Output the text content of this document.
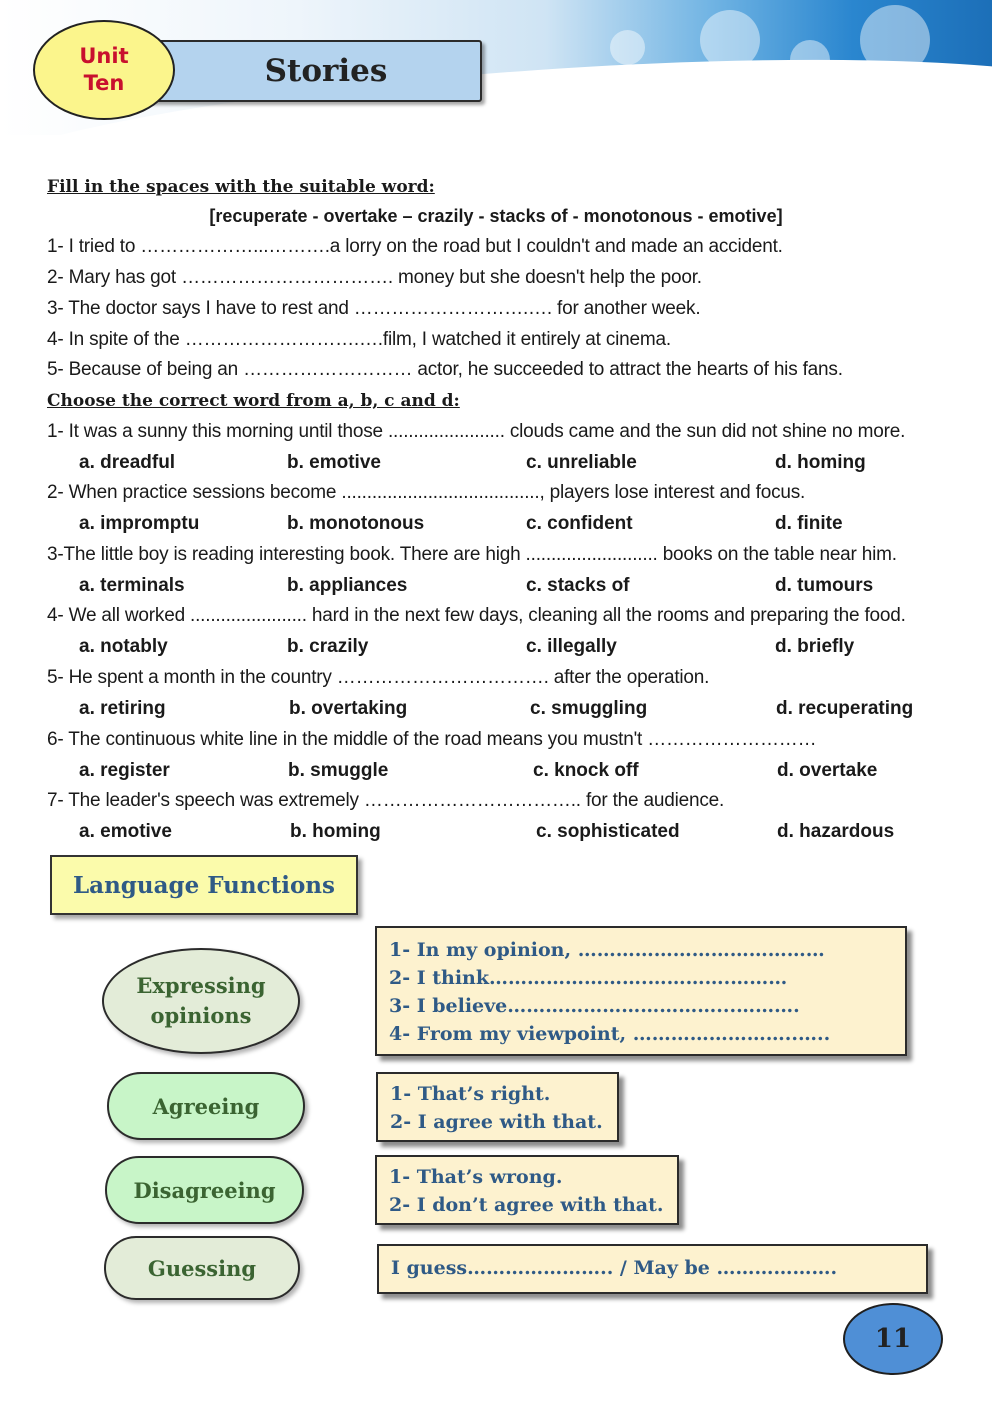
Unit
Ten	Stories
Fill in the spaces with the suitable word:
[recuperate - overtake – crazily - stacks of - monotonous - emotive]
1- I tried to ………………...……….a lorry on the road but I couldn't and made an accident.
2- Mary has got ……………………………. money but she doesn't help the poor.
3- The doctor says I have to rest and ……………………….…. for another week.
4- In spite of the ……………………….….film, I watched it entirely at cinema.
5- Because of being an ……………………… actor, he succeeded to attract the hearts of his fans.
Choose the correct word from a, b, c and d:
1- It was a sunny this morning until those ....................... clouds came and the sun did not shine no more.
a. dreadful	b. emotive	c. unreliable	d. homing
2- When practice sessions become ......................................., players lose interest and focus.
a. impromptu	b. monotonous	c. confident	d. finite
3-The little boy is reading interesting book. There are high .......................... books on the table near him.
a. terminals	b. appliances	c. stacks of	d. tumours
4- We all worked ....................... hard in the next few days, cleaning all the rooms and preparing the food.
a. notably	b. crazily	c. illegally	d. briefly
5- He spent a month in the country ……………………………. after the operation.
a. retiring	b. overtaking	c. smuggling	d. recuperating
6- The continuous white line in the middle of the road means you mustn't ………………………
a. register	b. smuggle	c. knock off	d. overtake
7- The leader's speech was extremely …………………………….. for the audience.
a. emotive	b. homing	c. sophisticated	d. hazardous
Language Functions
Expressing
opinions
1- In my opinion, …………………………………
2- I think…………………….………….………
3- I believe……………………………...……….
4- From my viewpoint, ……………………..…..
Agreeing	1- That’s right.
2- I agree with that.
Disagreeing
1- That’s wrong.
2- I don’t agree with that.
Guessing	I guess………………….. / May be ……………….
11
